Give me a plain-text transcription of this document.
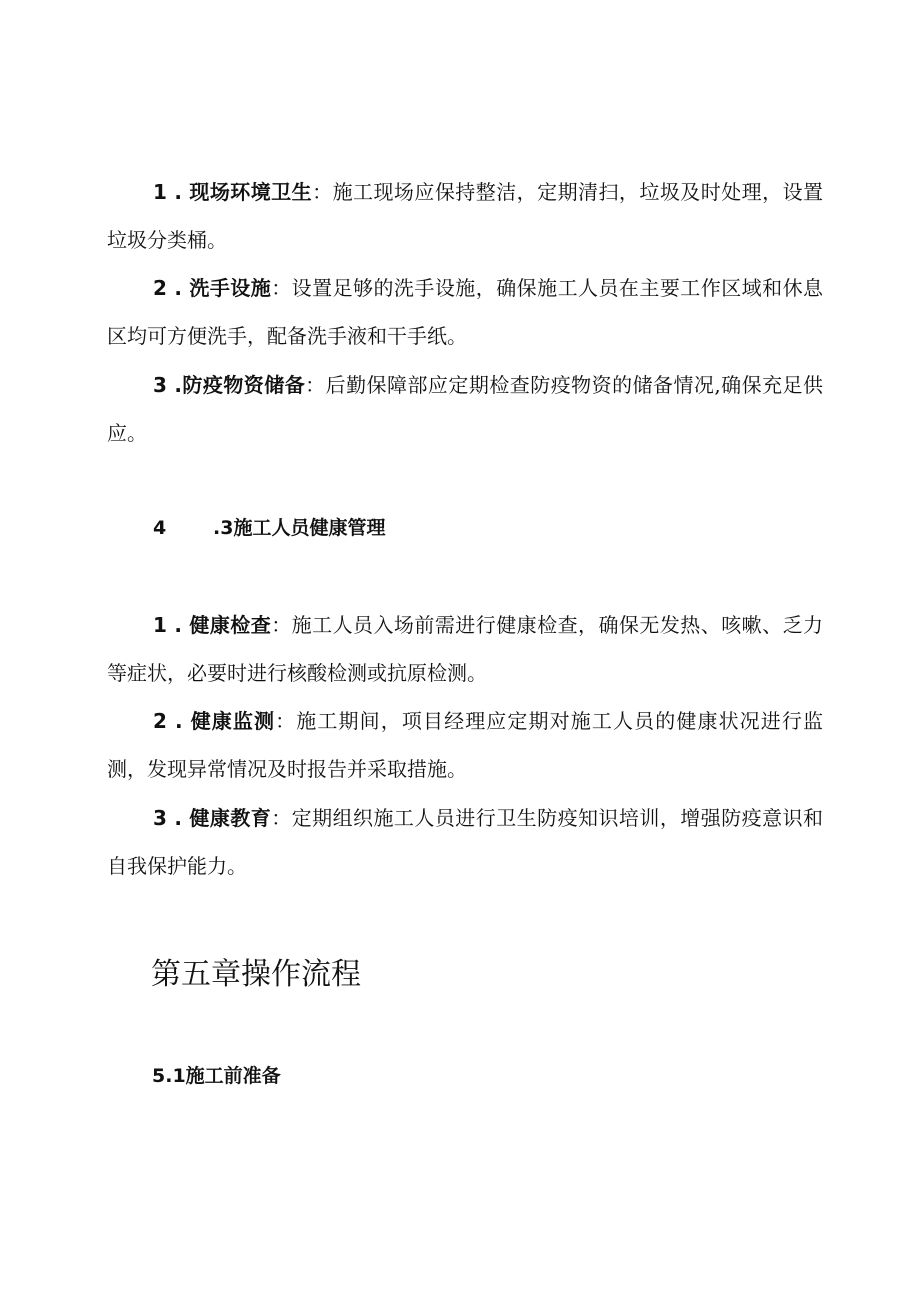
1 . 现场环境卫生：施工现场应保持整洁，定期清扫，垃圾及时处理，设置垃圾分类桶。

2 . 洗手设施：设置足够的洗手设施，确保施工人员在主要工作区域和休息区均可方便洗手，配备洗手液和干手纸。

3 .防疫物资储备：后勤保障部应定期检查防疫物资的储备情况,确保充足供应。

4 .3施工人员健康管理

1 . 健康检查：施工人员入场前需进行健康检查，确保无发热、咳嗽、乏力等症状，必要时进行核酸检测或抗原检测。

2 . 健康监测：施工期间，项目经理应定期对施工人员的健康状况进行监测，发现异常情况及时报告并采取措施。

3 . 健康教育：定期组织施工人员进行卫生防疫知识培训，增强防疫意识和自我保护能力。

第五章操作流程
5.1施工前准备
